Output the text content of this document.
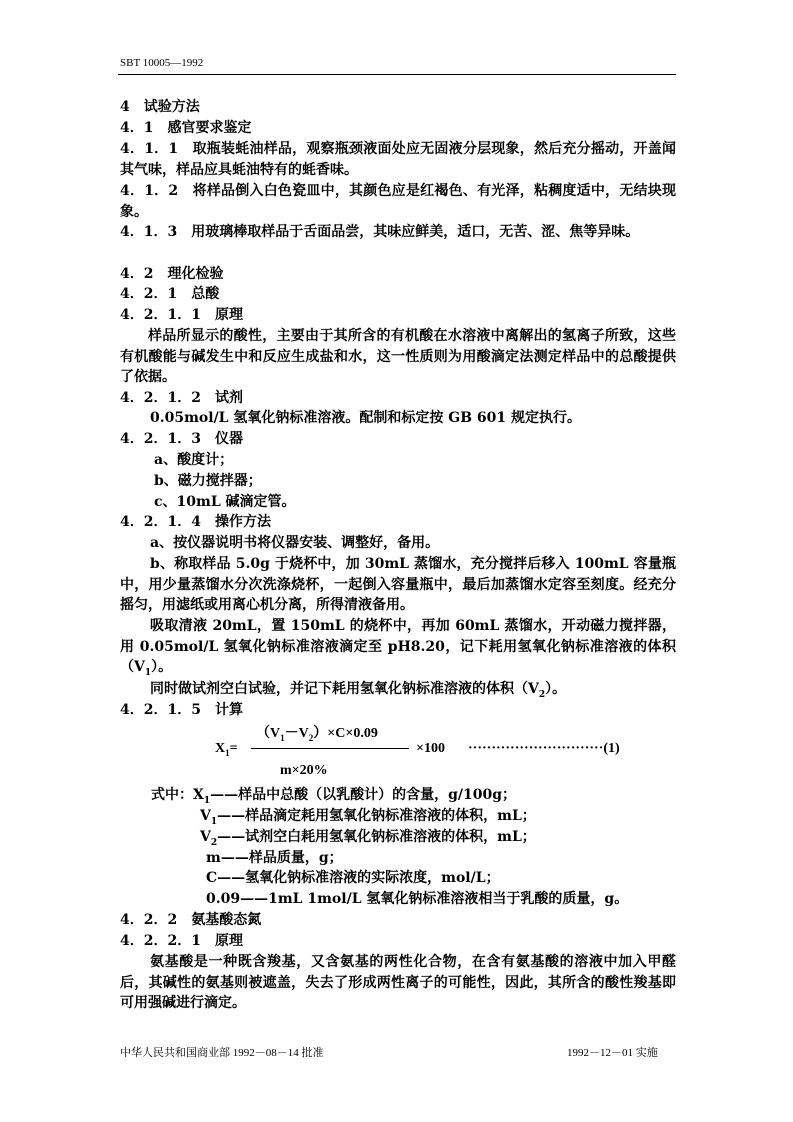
SBT 10005—1992
4　试验方法
4．1　感官要求鉴定
4．1．1　取瓶装蚝油样品，观察瓶颈液面处应无固液分层现象，然后充分摇动，开盖闻其气味，样品应具蚝油特有的蚝香味。
4．1．2　将样品倒入白色瓷皿中，其颜色应是红褐色、有光泽，粘稠度适中，无结块现象。
4．1．3　用玻璃棒取样品于舌面品尝，其味应鲜美，适口，无苦、涩、焦等异味。
4．2　理化检验
4．2．1　总酸
4．2．1．1　原理
样品所显示的酸性，主要由于其所含的有机酸在水溶液中离解出的氢离子所致，这些有机酸能与碱发生中和反应生成盐和水，这一性质则为用酸滴定法测定样品中的总酸提供了依据。
4．2．1．2　试剂
0.05mol/L 氢氧化钠标准溶液。配制和标定按 GB 601 规定执行。
4．2．1．3　仪器
a、酸度计；
b、磁力搅拌器；
c、10mL 碱滴定管。
4．2．1．4　操作方法
a、按仪器说明书将仪器安装、调整好，备用。
b、称取样品 5.0g 于烧杯中，加 30mL 蒸馏水，充分搅拌后移入 100mL 容量瓶中，用少量蒸馏水分次洗涤烧杯，一起倒入容量瓶中，最后加蒸馏水定容至刻度。经充分摇匀，用滤纸或用离心机分离，所得清液备用。
吸取清液 20mL，置 150mL 的烧杯中，再加 60mL 蒸馏水，开动磁力搅拌器，用 0.05mol/L 氢氧化钠标准溶液滴定至 pH8.20，记下耗用氢氧化钠标准溶液的体积$(V_1)$。
同时做试剂空白试验，并记下耗用氢氧化钠标准溶液的体积$(V_2)$。
4．2．1．5　计算
$(V_1-V_2)\times C\times 0.09$
$X_1=$	×100 ·····························(1)
m×20%
式中：$X_1——$样品中总酸（以乳酸计）的含量，g/100g；
$V_1——$样品滴定耗用氢氧化钠标准溶液的体积，mL；
$V_2——$试剂空白耗用氢氧化钠标准溶液的体积，mL；
m——样品质量，g；
C——氢氧化钠标准溶液的实际浓度，mol/L；
0.09——1mL 1mol/L 氢氧化钠标准溶液相当于乳酸的质量，g。
4．2．2　氨基酸态氮
4．2．2．1　原理
氨基酸是一种既含羧基，又含氨基的两性化合物，在含有氨基酸的溶液中加入甲醛后，其碱性的氨基则被遮盖，失去了形成两性离子的可能性，因此，其所含的酸性羧基即可用强碱进行滴定。
中华人民共和国商业部 1992－08－14 批准	1992－12－01 实施
